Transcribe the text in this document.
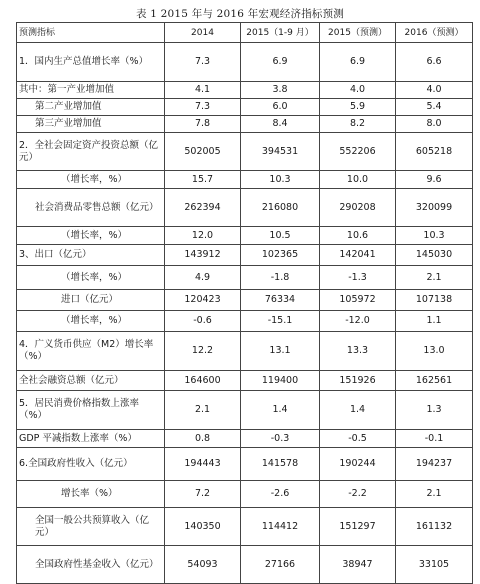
表 1 2015 年与 2016 年宏观经济指标预测
预测指标	2014	2015（1-9 月）	2015（预测）	2016（预测）
1．国内生产总值增长率（%）	7.3	6.9	6.9	6.6
其中：第一产业增加值	4.1	3.8	4.0	4.0
第二产业增加值	7.3	6.0	5.9	5.4
第三产业增加值	7.8	8.4	8.2	8.0
2．全社会固定资产投资总额（亿元）	502005	394531	552206	605218
（增长率，%）	15.7	10.3	10.0	9.6
社会消费品零售总额（亿元）	262394	216080	290208	320099
（增长率，%）	12.0	10.5	10.6	10.3
3、出口（亿元）	143912	102365	142041	145030
（增长率，%）	4.9	-1.8	-1.3	2.1
进口（亿元）	120423	76334	105972	107138
（增长率，%）	-0.6	-15.1	-12.0	1.1
4．广义货币供应（M2）增长率（%）	12.2	13.1	13.3	13.0
全社会融资总额（亿元）	164600	119400	151926	162561
5．居民消费价格指数上涨率（%）	2.1	1.4	1.4	1.3
GDP 平减指数上涨率（%）	0.8	-0.3	-0.5	-0.1
6.全国政府性收入（亿元）	194443	141578	190244	194237
增长率（%）	7.2	-2.6	-2.2	2.1
全国一般公共预算收入（亿元）	140350	114412	151297	161132
全国政府性基金收入（亿元）	54093	27166	38947	33105
